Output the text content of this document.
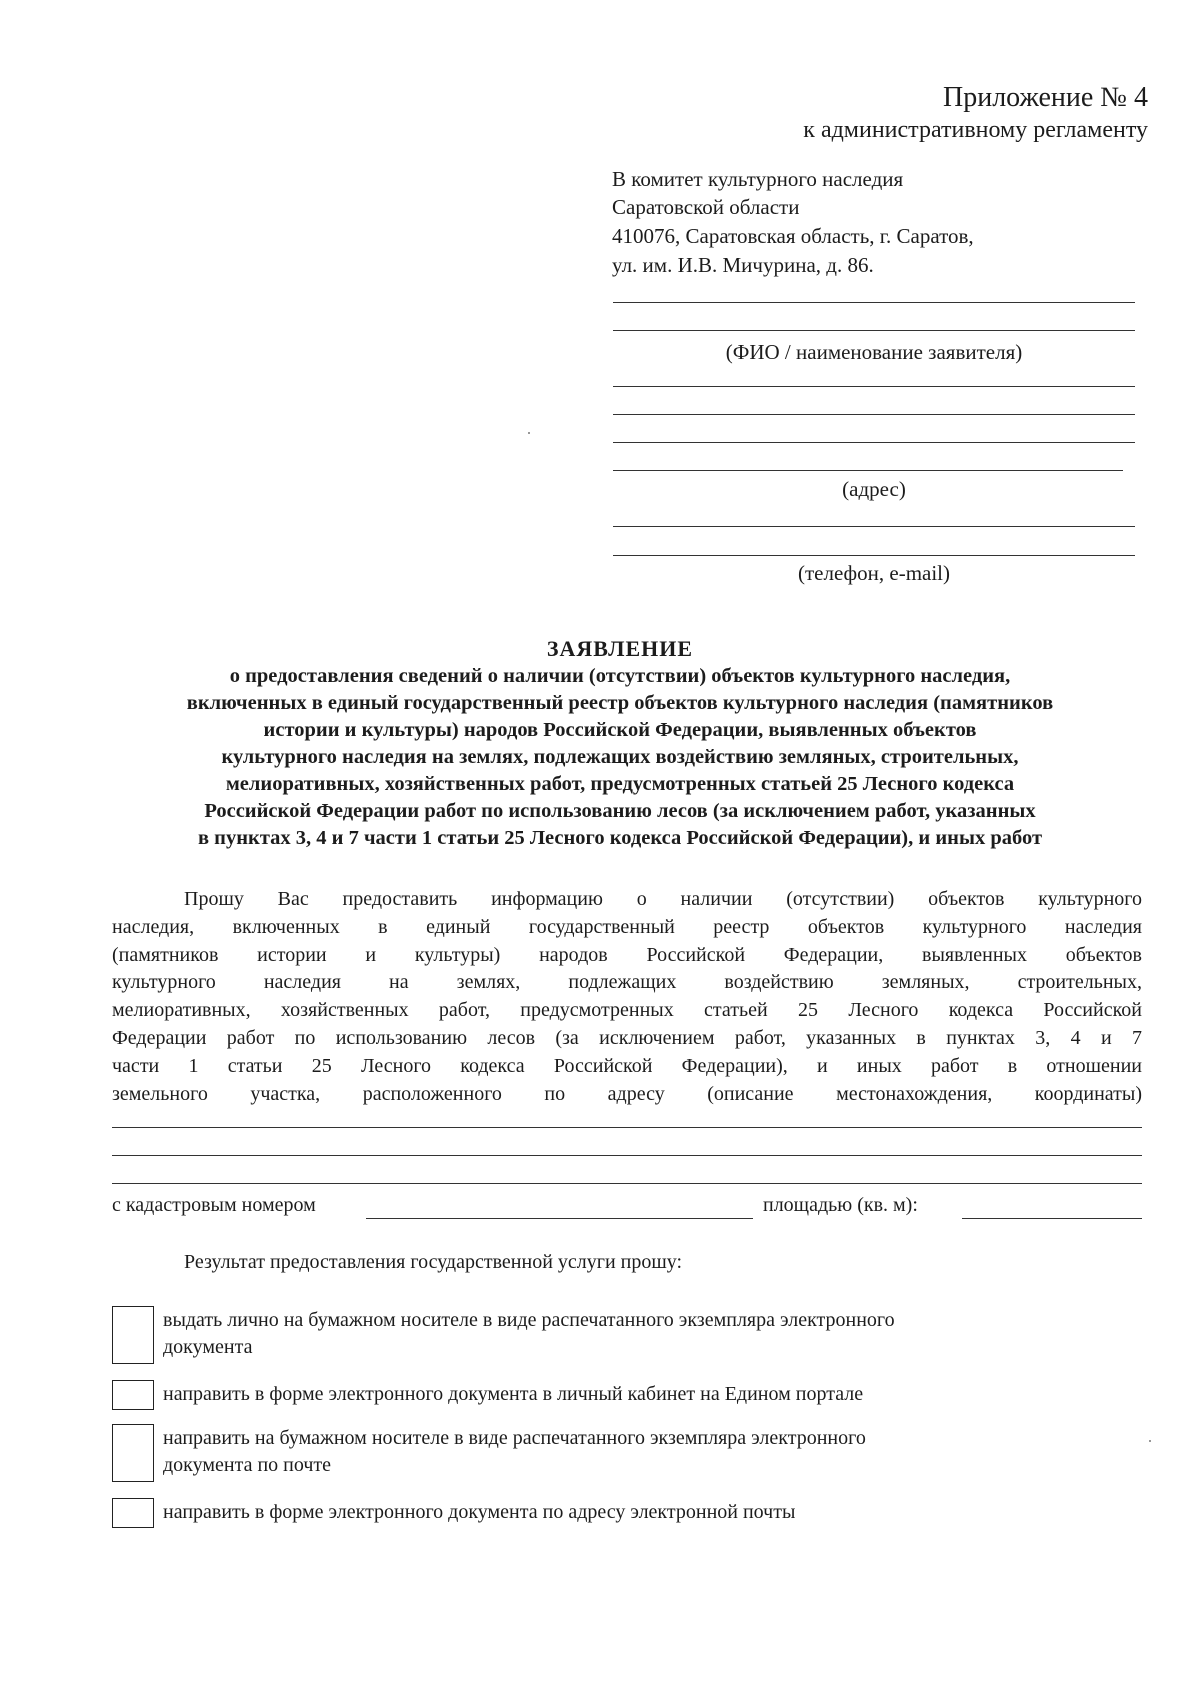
Приложение № 4
к административному регламенту
В комитет культурного наследия
Саратовской области
410076, Саратовская область, г. Саратов,
ул. им. И.В. Мичурина, д. 86.
(ФИО / наименование заявителя)
(адрес)
(телефон, e-mail)
ЗАЯВЛЕНИЕ
о предоставления сведений о наличии (отсутствии) объектов культурного наследия,
включенных в единый государственный реестр объектов культурного наследия (памятников
истории и культуры) народов Российской Федерации, выявленных объектов
культурного наследия на землях, подлежащих воздействию земляных, строительных,
мелиоративных, хозяйственных работ, предусмотренных статьей 25 Лесного кодекса
Российской Федерации работ по использованию лесов (за исключением работ, указанных
в пунктах 3, 4 и 7 части 1 статьи 25 Лесного кодекса Российской Федерации), и иных работ
Прошу Вас предоставить информацию о наличии (отсутствии) объектов культурного
наследия, включенных в единый государственный реестр объектов культурного наследия
(памятников истории и культуры) народов Российской Федерации, выявленных объектов
культурного наследия на землях, подлежащих воздействию земляных, строительных,
мелиоративных, хозяйственных работ, предусмотренных статьей 25 Лесного кодекса Российской
Федерации работ по использованию лесов (за исключением работ, указанных в пунктах 3, 4 и 7
части 1 статьи 25 Лесного кодекса Российской Федерации), и иных работ в отношении
земельного участка, расположенного по адресу (описание местонахождения, координаты)
с кадастровым номером	площадью (кв. м):
Результат предоставления государственной услуги прошу:
выдать лично на бумажном носителе в виде распечатанного экземпляра электронного
документа
направить в форме электронного документа в личный кабинет на Едином портале
направить на бумажном носителе в виде распечатанного экземпляра электронного
документа по почте
направить в форме электронного документа по адресу электронной почты
